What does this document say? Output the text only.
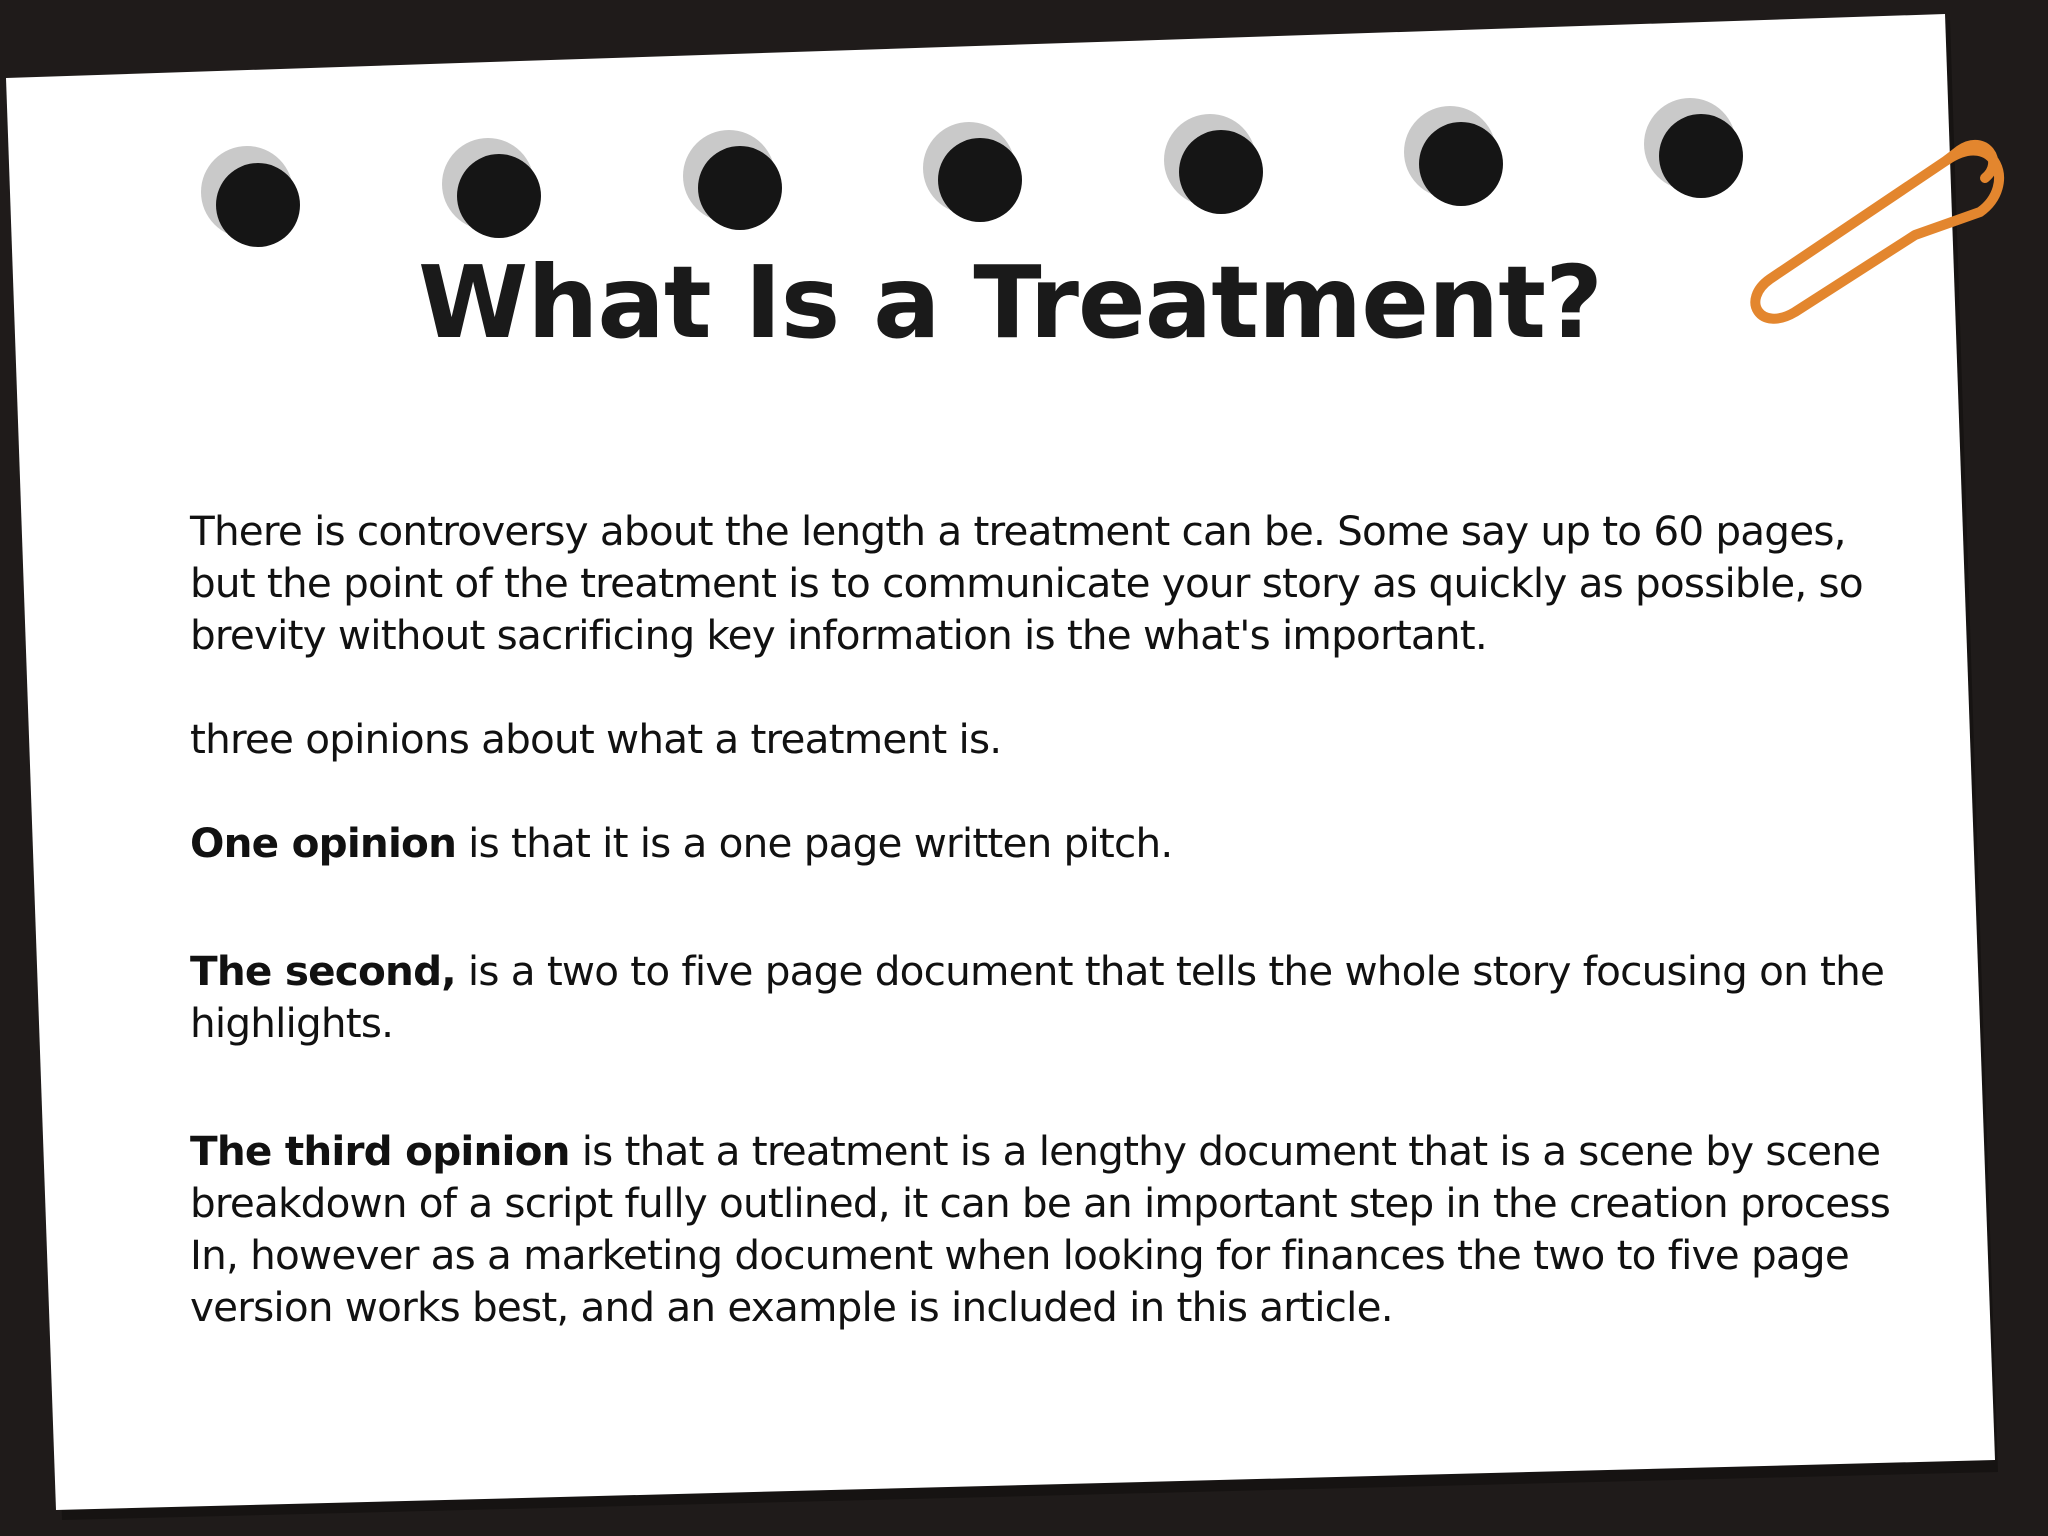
What Is a Treatment?

There is controversy about the length a treatment can be. Some say up to 60 pages, but the point of the treatment is to communicate your story as quickly as possible, so brevity without sacrificing key information is the what's important.

three opinions about what a treatment is.

One opinion is that it is a one page written pitch.

The second, is a two to five page document that tells the whole story focusing on the highlights.

The third opinion is that a treatment is a lengthy document that is a scene by scene breakdown of a script fully outlined, it can be an important step in the creation process In, however as a marketing document when looking for finances the two to five page version works best, and an example is included in this article.
